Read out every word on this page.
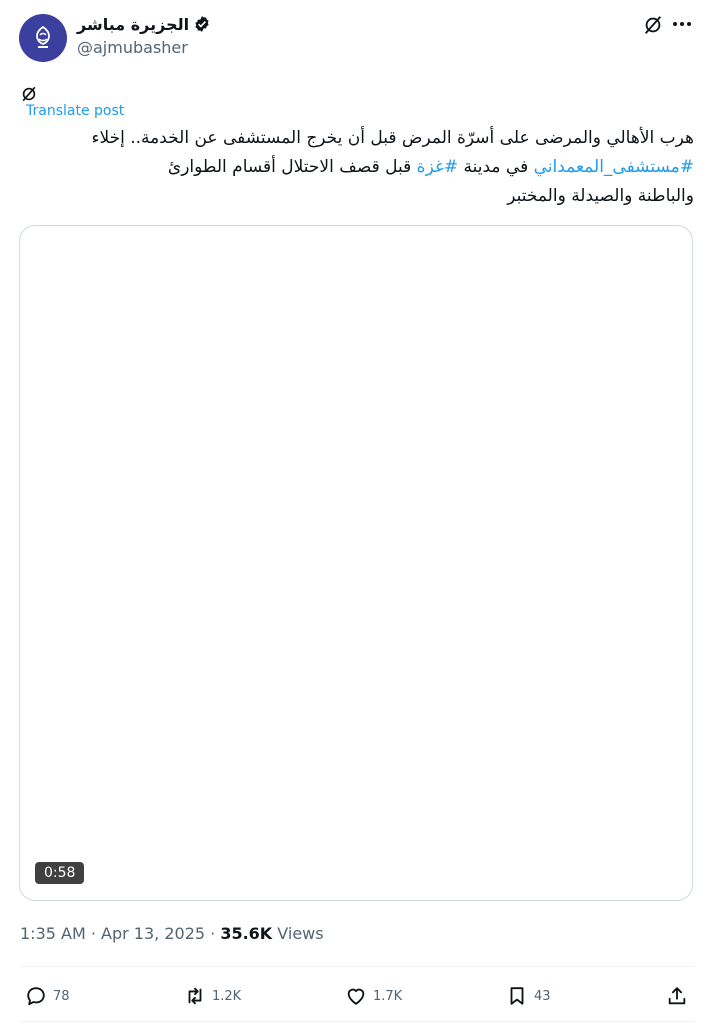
الجزيرة مباشر
@ajmubasher
Translate post
هرب الأهالي والمرضى على أسرّة المرض قبل أن يخرج المستشفى عن الخدمة.. إخلاء
#مستشفى_المعمداني في مدينة #غزة قبل قصف الاحتلال أقسام الطوارئ
والباطنة والصيدلة والمختبر
0:58
1:35 AM · Apr 13, 2025 · 35.6K Views
78	1.2K	1.7K	43
